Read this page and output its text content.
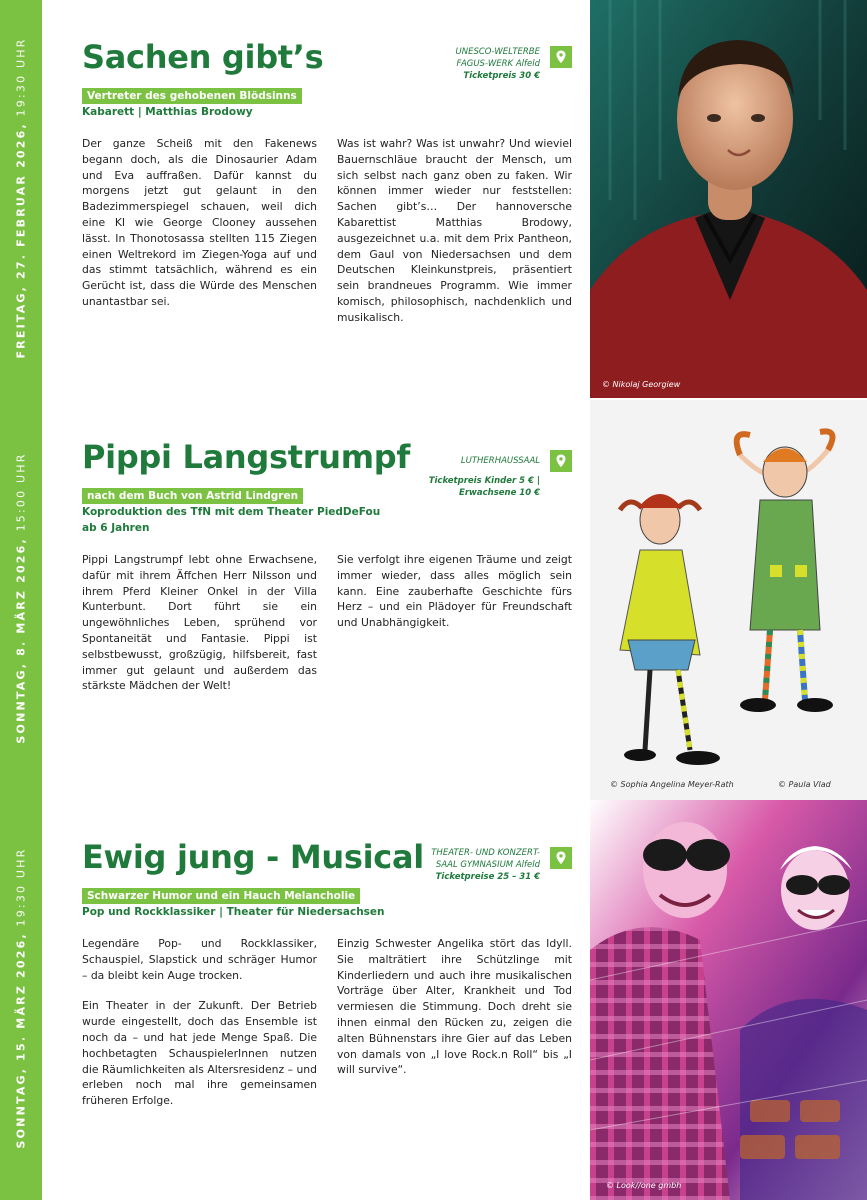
FREITAG, 27. FEBRUAR 2026, 19:30 UHR
SONNTAG, 8. MÄRZ 2026, 15:00 UHR
SONNTAG, 15. MÄRZ 2026, 19:30 UHR
Sachen gibt’s	UNESCO-WELTERBE
FAGUS-WERK Alfeld
Ticketpreis 30 €
Vertreter des gehobenen Blödsinns
Kabarett | Matthias Brodowy

Der ganze Scheiß mit den Fakenews begann doch, als die Dinosaurier Adam und Eva auffraßen. Dafür kannst du morgens jetzt gut gelaunt in den Badezimmerspiegel schauen, weil dich eine KI wie George Clooney aussehen lässt. In Thonotosassa stellten 115 Ziegen einen Weltrekord im Ziegen-Yoga auf und das stimmt tatsächlich, während es ein Gerücht ist, dass die Würde des Menschen unantastbar sei.

Was ist wahr? Was ist unwahr? Und wieviel Bauernschläue braucht der Mensch, um sich selbst nach ganz oben zu faken. Wir können immer wieder nur feststellen: Sachen gibt’s… Der hannoversche Kabarettist Matthias Brodowy, ausgezeichnet u.a. mit dem Prix Pantheon, dem Gaul von Niedersachsen und dem Deutschen Kleinkunstpreis, präsentiert sein brandneues Programm. Wie immer komisch, philosophisch, nachdenklich und musikalisch.

© Nikolaj Georgiew
Pippi Langstrumpf	LUTHERHAUSSAAL
Ticketpreis Kinder 5 € |
Erwachsene 10 €
nach dem Buch von Astrid Lindgren
Koproduktion des TfN mit dem Theater PiedDeFou
ab 6 Jahren

Pippi Langstrumpf lebt ohne Erwachsene, dafür mit ihrem Äffchen Herr Nilsson und ihrem Pferd Kleiner Onkel in der Villa Kunterbunt. Dort führt sie ein ungewöhnliches Leben, sprühend vor Spontaneität und Fantasie. Pippi ist selbstbewusst, großzügig, hilfsbereit, fast immer gut gelaunt und außerdem das stärkste Mädchen der Welt!

Sie verfolgt ihre eigenen Träume und zeigt immer wieder, dass alles möglich sein kann. Eine zauberhafte Geschichte fürs Herz – und ein Plädoyer für Freundschaft und Unabhängigkeit.

© Sophia Angelina Meyer-Rath	© Paula Vlad
Ewig jung - Musical THEATER- UND KONZERT-
SAAL GYMNASIUM Alfeld
Ticketpreise 25 – 31 €
Schwarzer Humor und ein Hauch Melancholie
Pop und Rockklassiker | Theater für Niedersachsen

Legendäre Pop- und Rockklassiker, Schauspiel, Slapstick und schräger Humor – da bleibt kein Auge trocken.

Ein Theater in der Zukunft. Der Betrieb wurde eingestellt, doch das Ensemble ist noch da – und hat jede Menge Spaß. Die hochbetagten SchauspielerInnen nutzen die Räumlichkeiten als Altersresidenz – und erleben noch mal ihre gemeinsamen früheren Erfolge.

Einzig Schwester Angelika stört das Idyll. Sie malträtiert ihre Schützlinge mit Kinderliedern und auch ihre musikalischen Vorträge über Alter, Krankheit und Tod vermiesen die Stimmung. Doch dreht sie ihnen einmal den Rücken zu, zeigen die alten Bühnenstars ihre Gier auf das Leben von damals von „I love Rock.n Roll“ bis „I will survive“.

© Look//one gmbh
